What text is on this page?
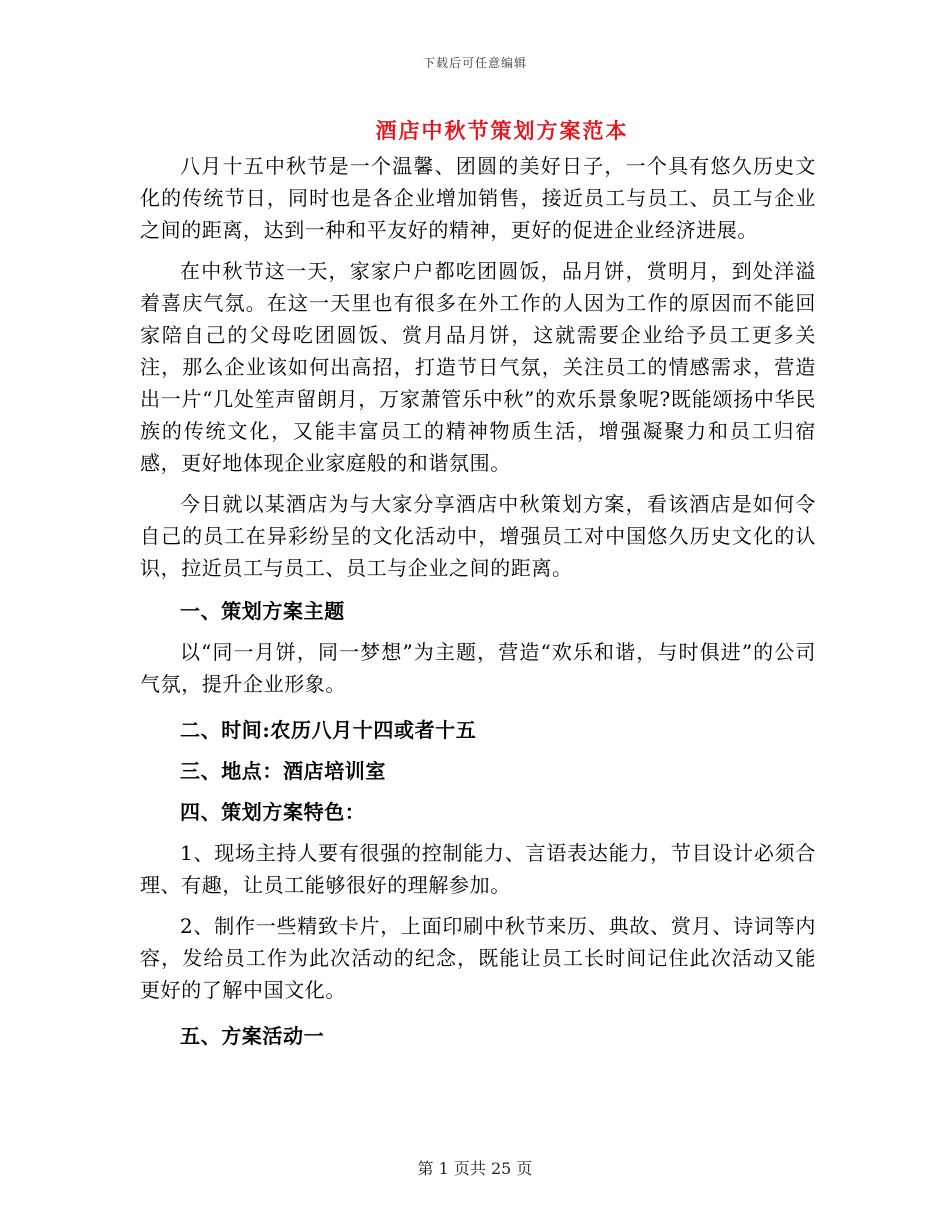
下载后可任意编辑
酒店中秋节策划方案范本

八月十五中秋节是一个温馨、团圆的美好日子，一个具有悠久历史文化的传统节日，同时也是各企业增加销售，接近员工与员工、员工与企业之间的距离，达到一种和平友好的精神，更好的促进企业经济进展。

在中秋节这一天，家家户户都吃团圆饭，品月饼，赏明月，到处洋溢着喜庆气氛。在这一天里也有很多在外工作的人因为工作的原因而不能回家陪自己的父母吃团圆饭、赏月品月饼，这就需要企业给予员工更多关注，那么企业该如何出高招，打造节日气氛，关注员工的情感需求，营造出一片“几处笙声留朗月，万家萧管乐中秋”的欢乐景象呢?既能颂扬中华民族的传统文化，又能丰富员工的精神物质生活，增强凝聚力和员工归宿感，更好地体现企业家庭般的和谐氛围。

今日就以某酒店为与大家分享酒店中秋策划方案，看该酒店是如何令自己的员工在异彩纷呈的文化活动中，增强员工对中国悠久历史文化的认识，拉近员工与员工、员工与企业之间的距离。

一、策划方案主题

以“同一月饼，同一梦想”为主题，营造“欢乐和谐，与时俱进”的公司气氛，提升企业形象。

二、时间:农历八月十四或者十五

三、地点：酒店培训室

四、策划方案特色：

1、现场主持人要有很强的控制能力、言语表达能力，节目设计必须合理、有趣，让员工能够很好的理解参加。

2、制作一些精致卡片，上面印刷中秋节来历、典故、赏月、诗词等内容，发给员工作为此次活动的纪念，既能让员工长时间记住此次活动又能更好的了解中国文化。

五、方案活动一

第 1 页共 25 页
